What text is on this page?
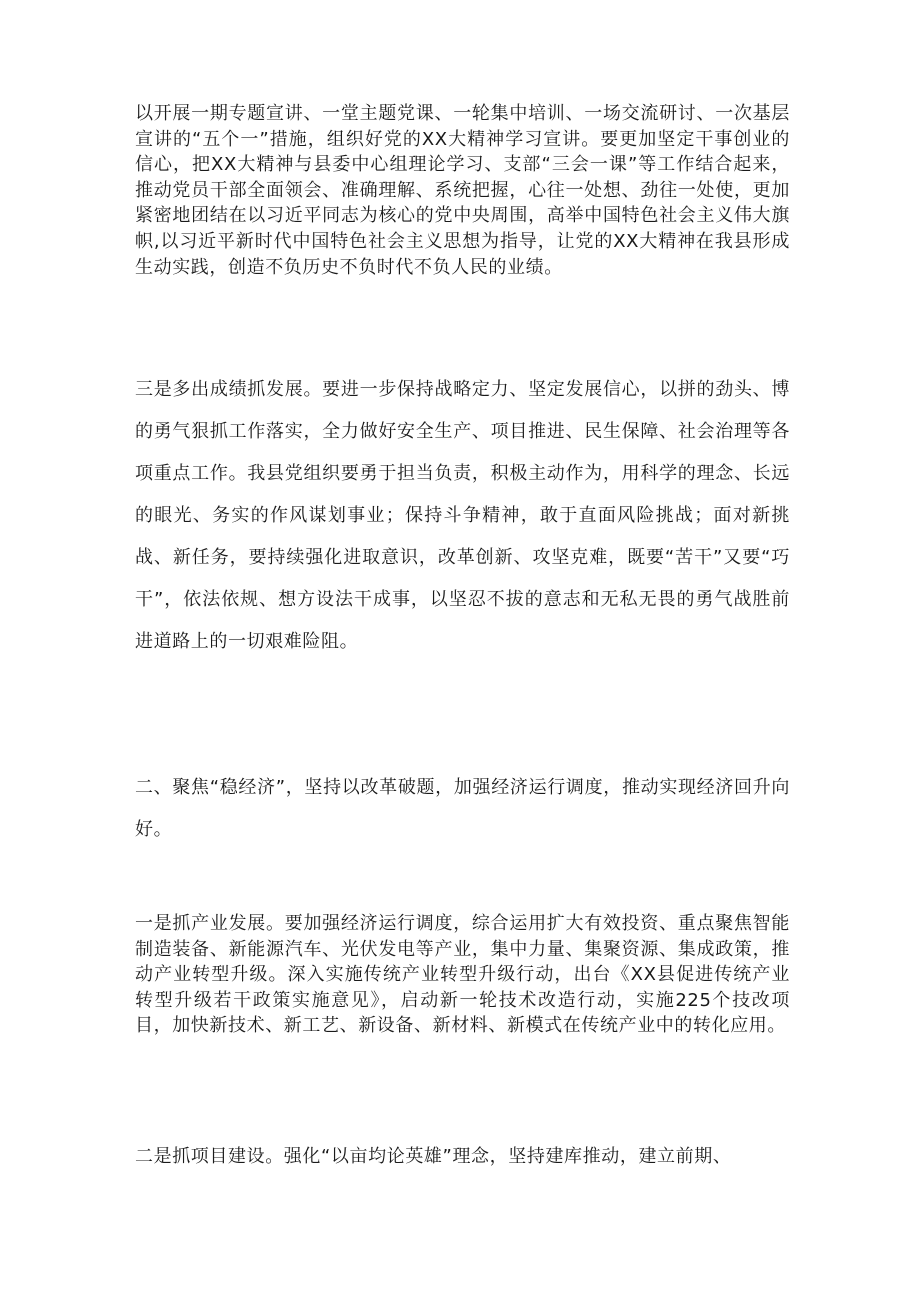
以开展一期专题宣讲、一堂主题党课、一轮集中培训、一场交流研讨、一次基层宣讲的“五个一”措施，组织好党的XX大精神学习宣讲。要更加坚定干事创业的信心，把XX大精神与县委中心组理论学习、支部“三会一课”等工作结合起来，推动党员干部全面领会、准确理解、系统把握，心往一处想、劲往一处使，更加紧密地团结在以习近平同志为核心的党中央周围，高举中国特色社会主义伟大旗帜,以习近平新时代中国特色社会主义思想为指导，让党的XX大精神在我县形成生动实践，创造不负历史不负时代不负人民的业绩。

三是多出成绩抓发展。要进一步保持战略定力、坚定发展信心，以拼的劲头、博的勇气狠抓工作落实，全力做好安全生产、项目推进、民生保障、社会治理等各项重点工作。我县党组织要勇于担当负责，积极主动作为，用科学的理念、长远的眼光、务实的作风谋划事业；保持斗争精神，敢于直面风险挑战；面对新挑战、新任务，要持续强化进取意识，改革创新、攻坚克难，既要“苦干”又要“巧干”，依法依规、想方设法干成事，以坚忍不拔的意志和无私无畏的勇气战胜前进道路上的一切艰难险阻。

二、聚焦“稳经济”，坚持以改革破题，加强经济运行调度，推动实现经济回升向好。

一是抓产业发展。要加强经济运行调度，综合运用扩大有效投资、重点聚焦智能制造装备、新能源汽车、光伏发电等产业，集中力量、集聚资源、集成政策，推动产业转型升级。深入实施传统产业转型升级行动，出台《XX县促进传统产业转型升级若干政策实施意见》，启动新一轮技术改造行动，实施225个技改项目，加快新技术、新工艺、新设备、新材料、新模式在传统产业中的转化应用。

二是抓项目建设。强化“以亩均论英雄”理念，坚持建库推动，建立前期、
